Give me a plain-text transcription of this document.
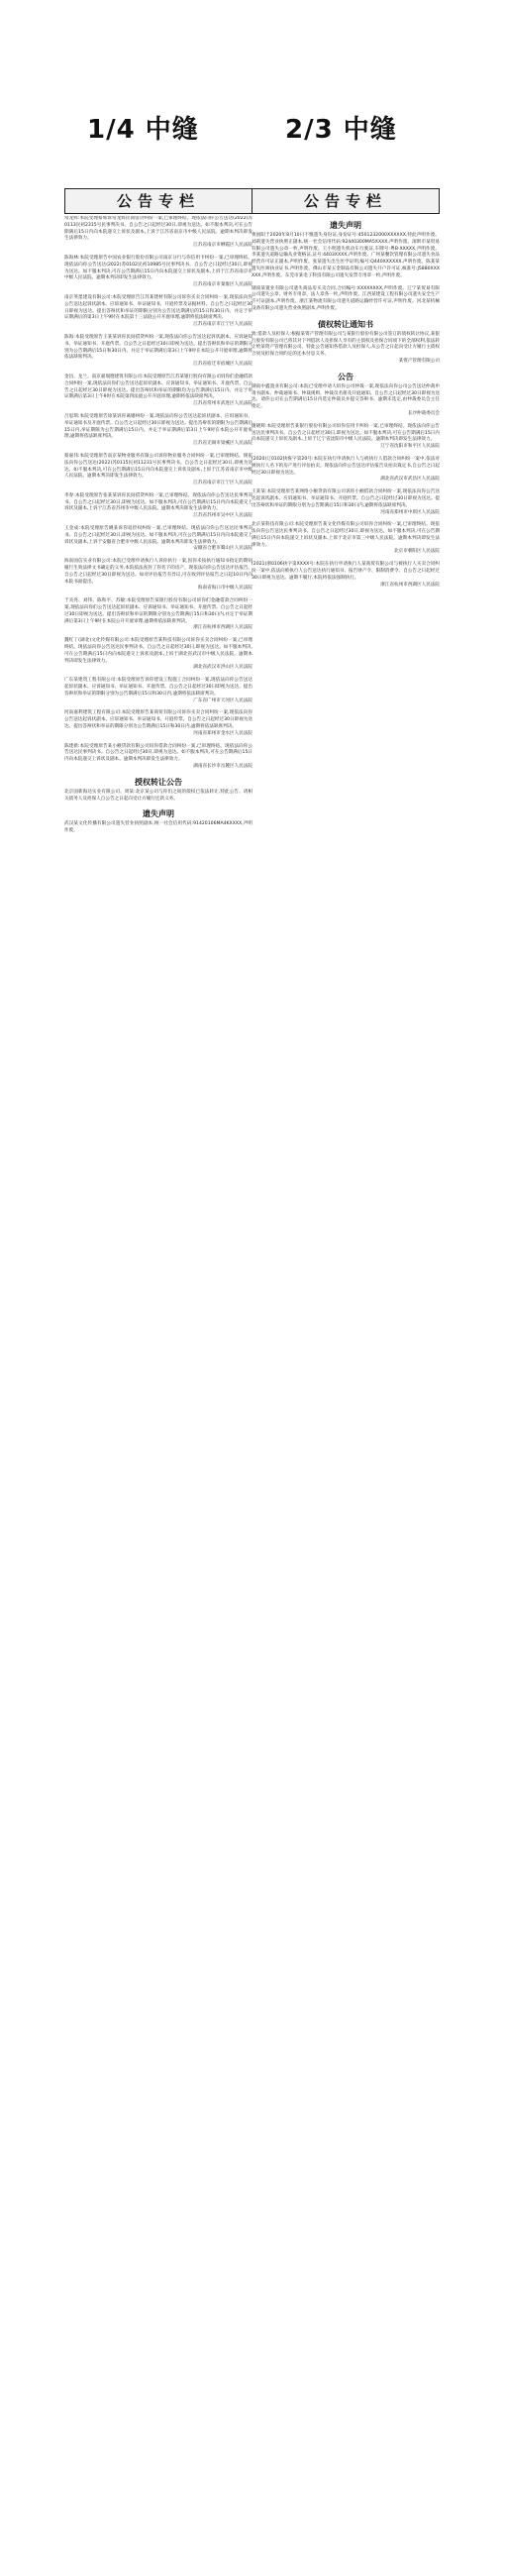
1/4 中缝	2/3 中缝
公告专栏
常龙辉:本院受理蔡辉诉常龙辉民间借贷纠纷一案,已审理终结。现依法向你公告送达(2022)苏0113民初2315号民事判决书。自公告之日起经过30日,即视为送达。如不服本判决,可在公告期满后15日内向本院递交上诉状及副本,上诉于江苏省南京市中级人民法院。逾期本判决即发生法律效力。
江苏省南京市栖霞区人民法院
陈海林:本院受理原告中国农业银行股份有限公司南京分行与你信用卡纠纷一案,已审理终结。现依法向你公告送达(2022)苏0102民初10985号民事判决书。自公告之日起经过30日,即视为送达。如不服本判决,可在公告期满后15日内向本院递交上诉状及副本,上诉于江苏省南京市中级人民法院。逾期本判决即发生法律效力。
江苏省南京市秦淮区人民法院
南京英墨建设有限公司:本院受理原告江苏某建材有限公司诉你买卖合同纠纷一案,现依法向你公告送达起诉状副本、应诉通知书、举证通知书、开庭传票及证据材料。自公告之日起经过30日即视为送达。提出答辩状和举证的期限分别为公告送达期满后的15日和30日内。并定于举证期满后的第3日上午9时在本院第十三法庭公开开庭审理,逾期将依法缺席判决。
江苏省南京市江宁区人民法院
陈海:本院受理原告王某某诉你民间借贷纠纷一案,现依法向你公告送达起诉状副本、应诉通知书、举证通知书、开庭传票。自公告之日起经过30日即视为送达。提出答辩状和举证的期限分别为公告期满后15日和30日内。并定于举证期满后第3日上午9时在本院公开开庭审理,逾期将依法缺席判决。
江苏省宿迁市宿城区人民法院
金昌、龙兰、南京嘉瑞德建筑有限公司:本院受理原告江苏某银行股份有限公司诉你们金融借款合同纠纷一案,现依法向你们公告送达起诉状副本、应诉通知书、举证通知书、开庭传票。自公告之日起经过30日即视为送达。提出答辩状和举证的期限均为公告期满后15日内。并定于举证期满后第3日上午9时在本院第四法庭公开开庭审理,逾期将依法缺席判决。
江苏省常州市武进区人民法院
吕思琪:本院受理原告徐某诉你离婚纠纷一案,现依法向你公告送达起诉状副本、应诉通知书、举证通知书及开庭传票。自公告之日起经过30日即视为送达。提出答辩状的期限为公告期满后15日内,举证期限为公告期满后15日内。并定于举证期满后第3日上午9时在本院公开开庭审理,逾期将依法缺席判决。
江苏省无锡市梁溪区人民法院
蔡嘉伟:本院受理原告南京某物业服务有限公司诉你物业服务合同纠纷一案,已审理终结。现依法向你公告送达(2022)苏0115民初11231号民事判决书。自公告之日起经过30日,即视为送达。如不服本判决,可在公告期满后15日内向本院递交上诉状及副本,上诉于江苏省南京市中级人民法院。逾期本判决即发生法律效力。
江苏省南京市江宁区人民法院
李春:本院受理原告张某某诉你民间借贷纠纷一案,已审理终结。现依法向你公告送达民事判决书。自公告之日起经过30日,即视为送达。如不服本判决,可在公告期满后15日内向本院递交上诉状及副本,上诉于江苏省苏州市中级人民法院。逾期本判决即发生法律效力。
江苏省苏州市吴中区人民法院
王金成:本院受理原告姚某诉你追偿权纠纷一案,已审理终结。现依法向你公告送达民事判决书。自公告之日起经过30日,即视为送达。如不服本判决,可在公告期满后15日内向本院递交上诉状及副本,上诉于安徽省合肥市中级人民法院。逾期本判决即发生法律效力。
安徽省合肥市蜀山区人民法院
海南国信实业有限公司:本院已受理申请执行人诉你执行一案,因你未按执行通知书指定的期间履行生效法律文书确定的义务,本院依法查封了你名下的房产。现依法向你公告送达评估报告。自公告之日起经过30日即视为送达。如对评估报告有异议,可在收到评估报告之日起10日内向本院书面提出。
海南省海口市中级人民法院
于炎亮、刘伟、陈和平、苏敏:本院受理原告某银行股份有限公司诉你们金融借款合同纠纷一案,现依法向你们公告送达起诉状副本、应诉通知书、举证通知书、开庭传票。自公告之日起经过30日即视为送达。提出答辩状和举证的期限分别为公告期满后15日和30日内,并定于举证期满后第3日上午9时在本院公开开庭审理,逾期将依法缺席判决。
浙江省杭州市西湖区人民法院
魏红丁(湖北)文化传媒有限公司:本院受理原告某科技有限公司诉你买卖合同纠纷一案,已审理终结。现依法向你公告送达民事判决书。自公告之日起经过30日,即视为送达。如不服本判决,可在公告期满后15日内向本院递交上诉状及副本,上诉于湖北省武汉市中级人民法院。逾期本判决即发生法律效力。
湖北省武汉市洪山区人民法院
广东某建筑工程有限公司:本院受理原告诉你建设工程施工合同纠纷一案,现依法向你公告送达起诉状副本、应诉通知书、举证通知书、开庭传票。自公告之日起经过30日即视为送达。提出答辩状和举证的期限分别为公告期满后15日和30日内,逾期将依法缺席判决。
广东省广州市天河区人民法院
河南嘉利建筑工程有限公司:本院受理原告某商贸有限公司诉你买卖合同纠纷一案,现依法向你公告送达起诉状副本、应诉通知书、举证通知书、开庭传票。自公告之日起经过30日即视为送达。提出答辩状和举证的期限分别为公告期满后15日和30日内,逾期将依法缺席判决。
河南省郑州市金水区人民法院
陈建新:本院受理原告某小额贷款有限公司诉你借款合同纠纷一案,已审理终结。现依法向你公告送达民事判决书。自公告之日起经过30日,即视为送达。如不服本判决,可在公告期满后15日内向本院递交上诉状及副本。逾期本判决即发生法律效力。
湖南省长沙市岳麓区人民法院
授权转让公告
北京国新海达实业有限公司、周某:北京某公司与你们之间的债权已依法转让,特此公告。请相关债务人及担保人自公告之日起向受让方履行还款义务。
遗失声明
武汉某文化传播有限公司遗失营业执照副本,统一社会信用代码:91420106MA4KXXXX,声明作废。
公告专栏
遗失声明
黄国阳于2020年8月10日不慎遗失身份证,身份证号:4501232000XXXXXX,特此声明作废。刘莉遗失营业执照正副本,统一社会信用代码:92440300MA5XXXX,声明作废。深圳市某贸易有限公司遗失公章一枚,声明作废。王小明遗失机动车行驶证,车牌号:粤B·XXXXX,声明作废。李某遗失道路运输从业资格证,证号:4403XXXX,声明作废。广州某餐饮管理有限公司遗失食品经营许可证正副本,声明作废。张某遗失出生医学证明,编号:Q440XXXXXX,声明作废。陈某某遗失医师执业证书,声明作废。佛山市某五金制品有限公司遗失开户许可证,核准号:J5880XXXXXX,声明作废。东莞市某电子科技有限公司遗失发票专用章一枚,声明作废。
湖南某置业有限公司遗失商品房买卖合同,合同编号:XXXXXXXX,声明作废。辽宁某贸易有限公司遗失公章、财务专用章、法人章各一枚,声明作废。江西某建设工程有限公司遗失安全生产许可证副本,声明作废。浙江某物流有限公司遗失道路运输经营许可证,声明作废。河北某机械设备有限公司遗失营业执照副本,声明作废。
债权转让通知书
致:借款人及担保人:根据某资产管理有限公司与某银行股份有限公司签订的债权转让协议,某银行股份有限公司已将其对下列借款人及担保人享有的主债权及担保合同项下的全部权利,依法转让给某资产管理有限公司。特此公告通知各借款人及担保人,从公告之日起向受让方履行主债权合同及担保合同约定的还本付息义务。
某资产管理有限公司
公告
湖南中鑫置业有限公司:本院已受理申请人诉你公司仲裁一案,现依法向你公司公告送达仲裁申请书副本、仲裁通知书、仲裁规则、仲裁员名册及开庭通知。自公告之日起经过30日即视为送达。请你公司在公告期满后15日内选定仲裁员并提交答辩书。逾期未选定,由仲裁委员会主任指定。
长沙仲裁委员会
谢晓辉:本院受理原告某银行股份有限公司诉你信用卡纠纷一案,已审理终结。现依法向你公告送达民事判决书。自公告之日起经过30日,即视为送达。如不服本判决,可在公告期满后15日内向本院递交上诉状及副本,上诉于辽宁省沈阳市中级人民法院。逾期本判决即发生法律效力。
辽宁省沈阳市和平区人民法院
(2020)辽0102执恢字第20号:本院在执行申请执行人与被执行人借款合同纠纷一案中,依法对被执行人名下的房产进行评估拍卖。现依法向你公告送达评估报告及拍卖裁定书,自公告之日起经过30日即视为送达。
湖北省武汉市武昌区人民法院
王某某:本院受理原告某网络小额贷款有限公司诉你小额借款合同纠纷一案,现依法向你公告送达起诉状副本、应诉通知书、举证通知书、开庭传票。自公告之日起经过30日即视为送达。提出答辩状和举证的期限分别为公告期满后15日和30日内,逾期将依法缺席判决。
河南省郑州市中原区人民法院
北京某科技有限公司:本院受理原告某文化传媒有限公司诉你合同纠纷一案,已审理终结。现依法向你公告送达民事判决书。自公告之日起经过30日,即视为送达。如不服本判决,可在公告期满后15日内向本院递交上诉状及副本,上诉于北京市第三中级人民法院。逾期本判决即发生法律效力。
北京市朝阳区人民法院
(2021)浙0106执字第XXXX号:本院在执行申请执行人某商贸有限公司与被执行人买卖合同纠纷一案中,依法向被执行人公告送达执行通知书、报告财产令、限制消费令。自公告之日起经过30日即视为送达。逾期不履行,本院将依法强制执行。
浙江省杭州市西湖区人民法院
